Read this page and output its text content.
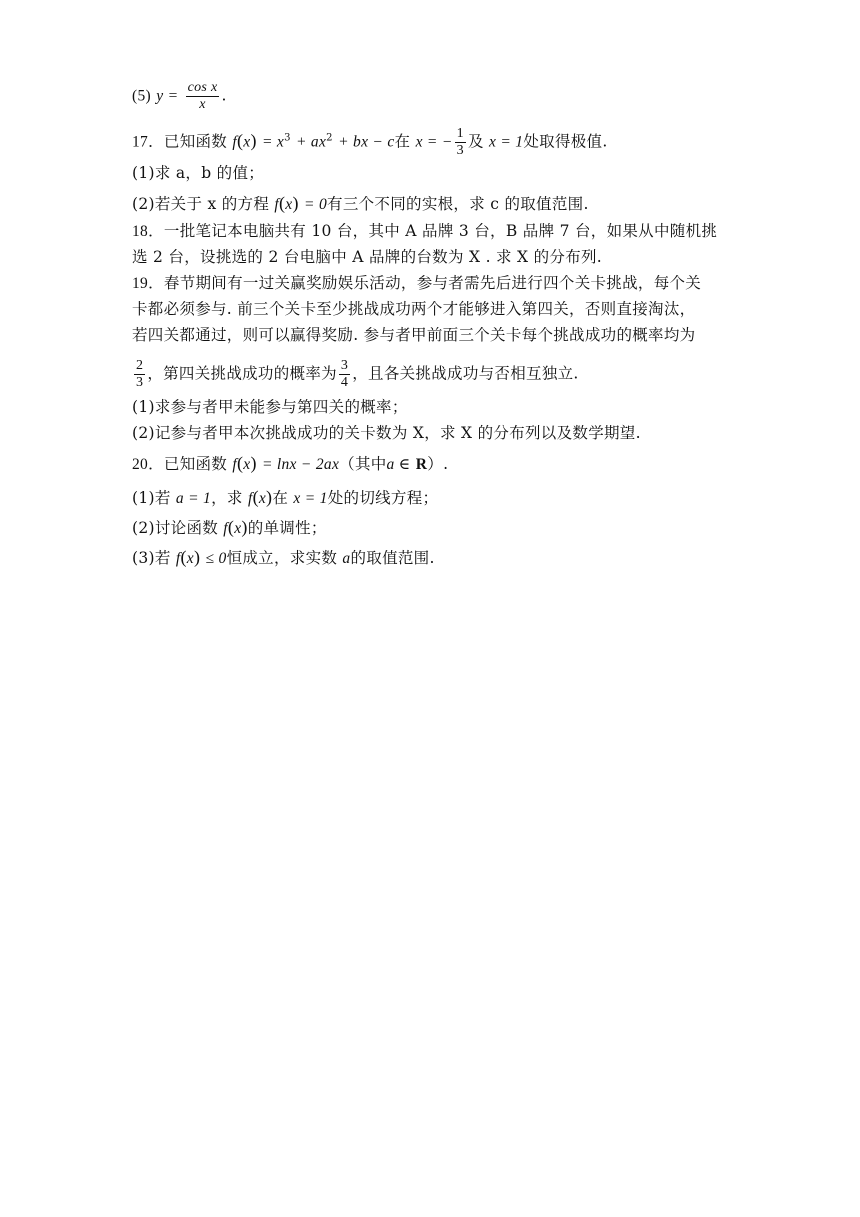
(5) $y = \frac{\text{cos x}}{x}$ .
17．已知函数 $f(x) = x^3 + ax^2$ + bx − c在 x = − $\frac{1}{3}$ 及 x = 1处取得极值.
(1)求 a，b 的值；
(2)若关于 x 的方程 f(x) = 0有三个不同的实根，求 c 的取值范围.
18．一批笔记本电脑共有 10 台，其中 A 品牌 3 台，B 品牌 7 台，如果从中随机挑
选 2 台，设挑选的 2 台电脑中 A 品牌的台数为 X . 求 X 的分布列.
19．春节期间有一过关赢奖励娱乐活动，参与者需先后进行四个关卡挑战，每个关
卡都必须参与. 前三个关卡至少挑战成功两个才能够进入第四关，否则直接淘汰，
若四关都通过，则可以赢得奖励. 参与者甲前面三个关卡每个挑战成功的概率均为
$\frac{2}{3}$ ，第四关挑战成功的概率为 $\frac{3}{4}$ ，且各关挑战成功与否相互独立.
(1)求参与者甲未能参与第四关的概率；
(2)记参与者甲本次挑战成功的关卡数为 X，求 X 的分布列以及数学期望.
20．已知函数 f(x) = lnx − 2ax（其中a ∈ R）.
(1)若 a = 1，求 f(x)在 x = 1处的切线方程；
(2)讨论函数 f(x)的单调性；
(3)若 f(x) ≤ 0恒成立，求实数 a的取值范围.
